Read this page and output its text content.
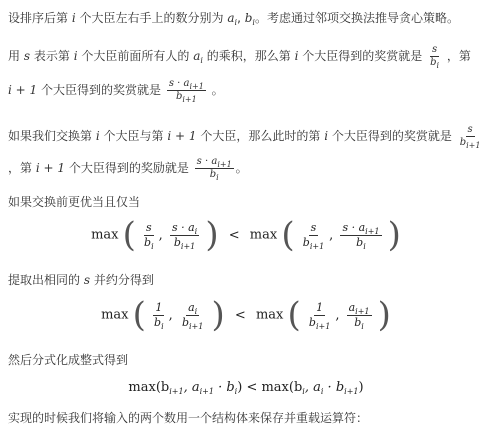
设排序后第 i 个大臣左右手上的数分别为 $a_i$, $b_i$。考虑通过邻项交换法推导贪心策略。
用 s 表示第 i 个大臣前面所有人的 $a_i$ 的乘积，那么第 i 个大臣得到的奖赏就是 $\frac{s}{b_i}$ ，第
i + 1 个大臣得到的奖赏就是 $\frac{s \cdot a_{i+1}}{b_{i+1}}$ 。
如果我们交换第 i 个大臣与第 i + 1 个大臣，那么此时的第 i 个大臣得到的奖赏就是 $\frac{s}{b_{i+1}}$
，第 i + 1 个大臣得到的奖励就是 $\frac{s \cdot a_{i+1}}{b_i}$ 。
如果交换前更优当且仅当
max ( $\frac{s}{b_i}$ , $\frac{s \cdot a_i}{b_{i+1}}$ ) < max ( $\frac{s}{b_{i+1}}$ , $\frac{s \cdot a_{i+1}}{b_i}$ )
提取出相同的 s 并约分得到
max ( $\frac{1}{b_i}$ , $\frac{a_i}{b_{i+1}}$ ) < max ( $\frac{1}{b_{i+1}}$ , $\frac{a_{i+1}}{b_i}$ )
然后分式化成整式得到
$\max(b_{i+1}$, $a_{i+1} \cdot b_i) < \max(b_i$, $a_i \cdot b_{i+1}$)
实现的时候我们将输入的两个数用一个结构体来保存并重载运算符：
